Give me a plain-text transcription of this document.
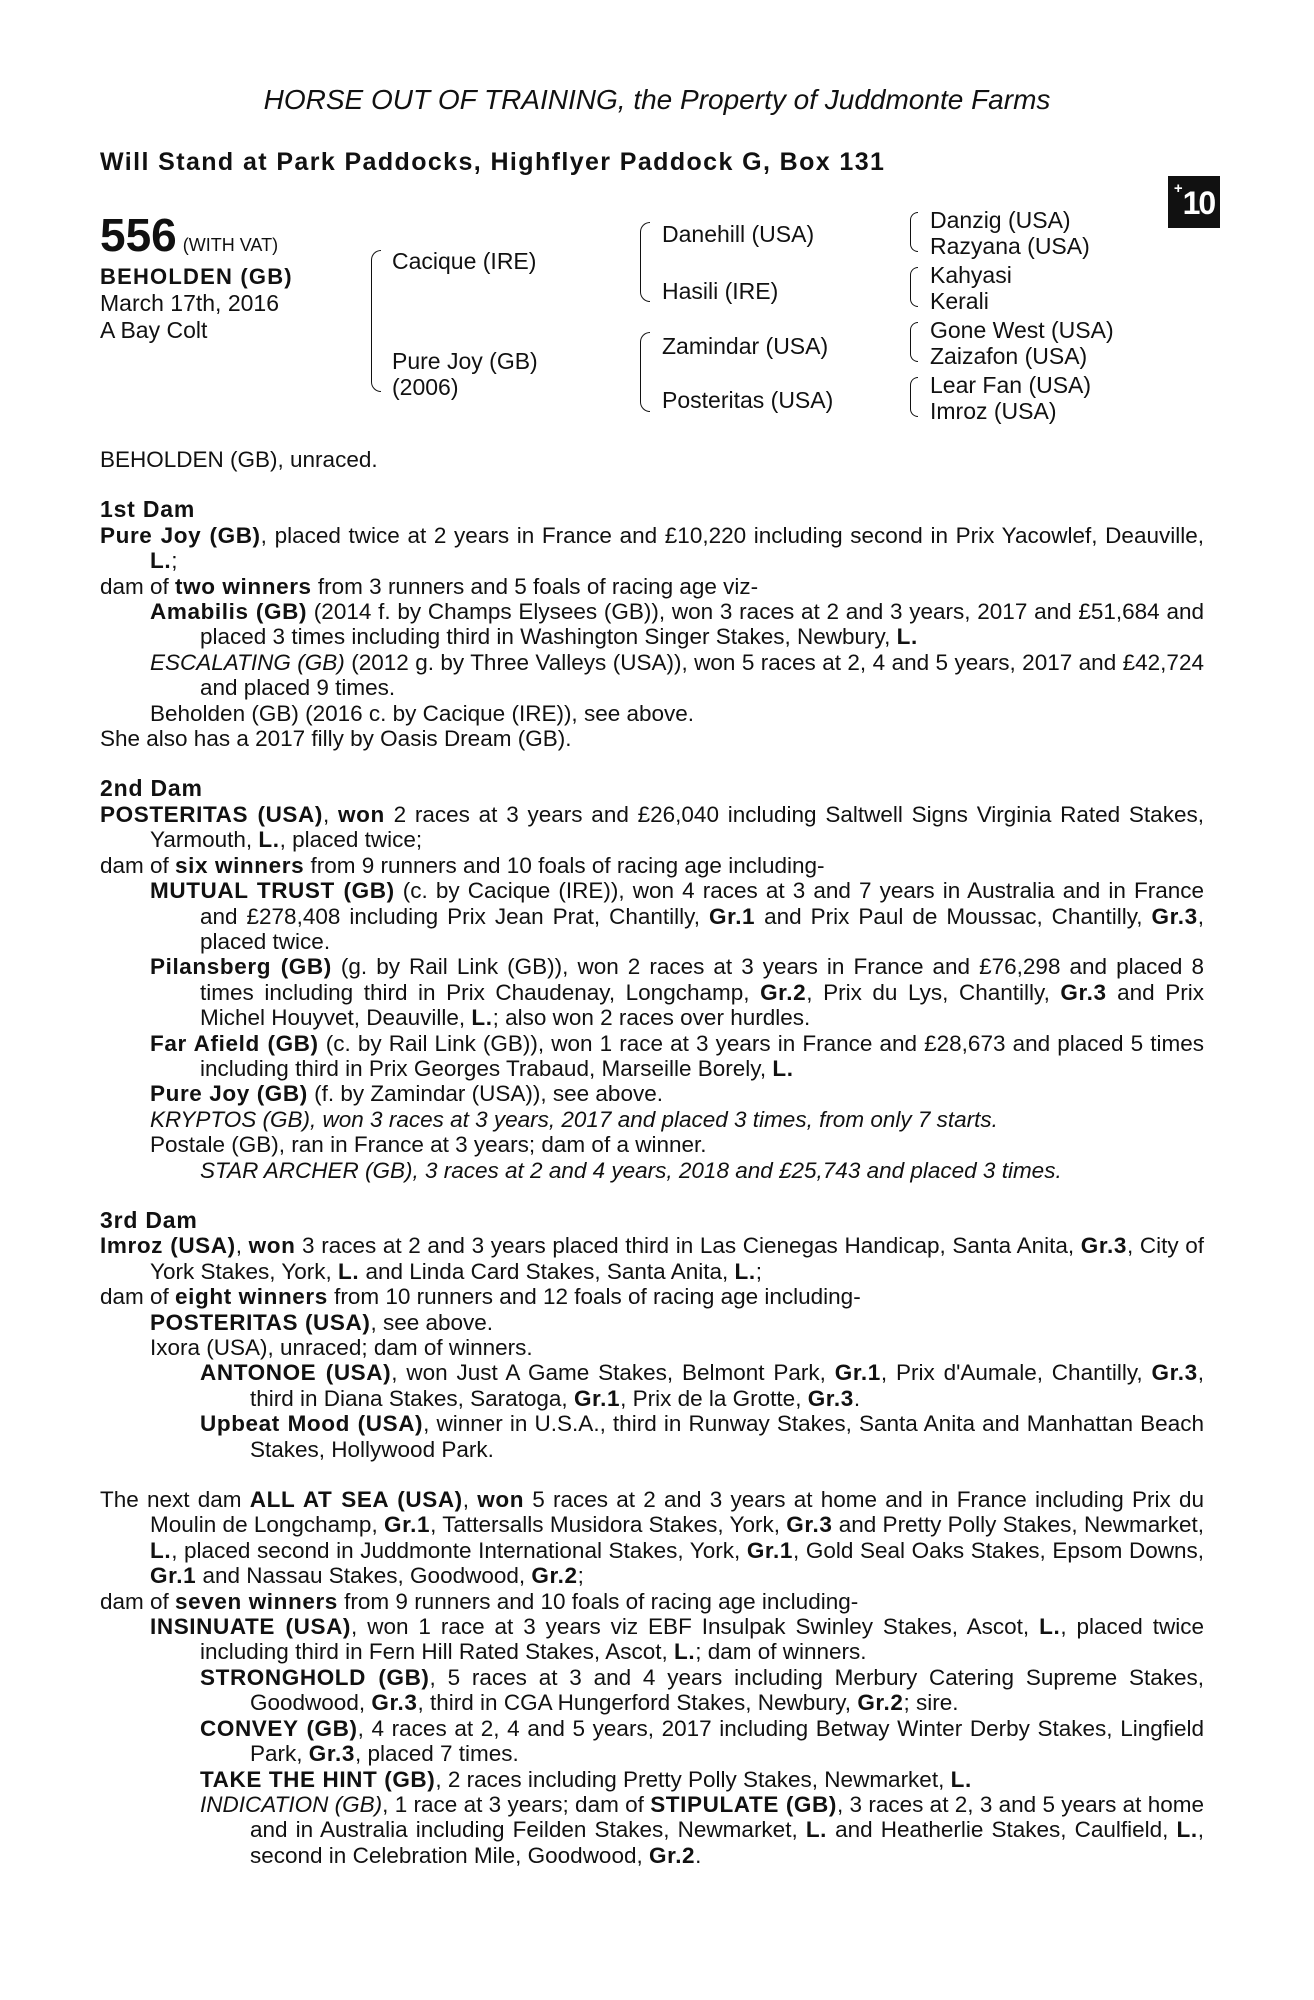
HORSE OUT OF TRAINING, the Property of Juddmonte Farms
Will Stand at Park Paddocks, Highflyer Paddock G, Box 131
+10
556 (WITH VAT)
BEHOLDEN (GB)
March 17th, 2016
A Bay Colt
Cacique (IRE)
Pure Joy (GB)
(2006)
Danehill (USA)
Hasili (IRE)
Zamindar (USA)
Posteritas (USA)
Danzig (USA)
Razyana (USA)
Kahyasi
Kerali
Gone West (USA)
Zaizafon (USA)
Lear Fan (USA)
Imroz (USA)

BEHOLDEN (GB), unraced.

1st Dam

Pure Joy (GB), placed twice at 2 years in France and £10,220 including second in Prix Yacowlef, Deauville, L.;

dam of two winners from 3 runners and 5 foals of racing age viz-

Amabilis (GB) (2014 f. by Champs Elysees (GB)), won 3 races at 2 and 3 years, 2017 and £51,684 and placed 3 times including third in Washington Singer Stakes, Newbury, L.

ESCALATING (GB) (2012 g. by Three Valleys (USA)), won 5 races at 2, 4 and 5 years, 2017 and £42,724 and placed 9 times.

Beholden (GB) (2016 c. by Cacique (IRE)), see above.

She also has a 2017 filly by Oasis Dream (GB).

2nd Dam

POSTERITAS (USA), won 2 races at 3 years and £26,040 including Saltwell Signs Virginia Rated Stakes, Yarmouth, L., placed twice;

dam of six winners from 9 runners and 10 foals of racing age including-

MUTUAL TRUST (GB) (c. by Cacique (IRE)), won 4 races at 3 and 7 years in Australia and in France and £278,408 including Prix Jean Prat, Chantilly, Gr.1 and Prix Paul de Moussac, Chantilly, Gr.3, placed twice.

Pilansberg (GB) (g. by Rail Link (GB)), won 2 races at 3 years in France and £76,298 and placed 8 times including third in Prix Chaudenay, Longchamp, Gr.2, Prix du Lys, Chantilly, Gr.3 and Prix Michel Houyvet, Deauville, L.; also won 2 races over hurdles.

Far Afield (GB) (c. by Rail Link (GB)), won 1 race at 3 years in France and £28,673 and placed 5 times including third in Prix Georges Trabaud, Marseille Borely, L.

Pure Joy (GB) (f. by Zamindar (USA)), see above.

KRYPTOS (GB), won 3 races at 3 years, 2017 and placed 3 times, from only 7 starts.

Postale (GB), ran in France at 3 years; dam of a winner.

STAR ARCHER (GB), 3 races at 2 and 4 years, 2018 and £25,743 and placed 3 times.

3rd Dam

Imroz (USA), won 3 races at 2 and 3 years placed third in Las Cienegas Handicap, Santa Anita, Gr.3, City of York Stakes, York, L. and Linda Card Stakes, Santa Anita, L.;

dam of eight winners from 10 runners and 12 foals of racing age including-

POSTERITAS (USA), see above.

Ixora (USA), unraced; dam of winners.

ANTONOE (USA), won Just A Game Stakes, Belmont Park, Gr.1, Prix d'Aumale, Chantilly, Gr.3, third in Diana Stakes, Saratoga, Gr.1, Prix de la Grotte, Gr.3.

Upbeat Mood (USA), winner in U.S.A., third in Runway Stakes, Santa Anita and Manhattan Beach Stakes, Hollywood Park.

The next dam ALL AT SEA (USA), won 5 races at 2 and 3 years at home and in France including Prix du Moulin de Longchamp, Gr.1, Tattersalls Musidora Stakes, York, Gr.3 and Pretty Polly Stakes, Newmarket, L., placed second in Juddmonte International Stakes, York, Gr.1, Gold Seal Oaks Stakes, Epsom Downs, Gr.1 and Nassau Stakes, Goodwood, Gr.2;

dam of seven winners from 9 runners and 10 foals of racing age including-

INSINUATE (USA), won 1 race at 3 years viz EBF Insulpak Swinley Stakes, Ascot, L., placed twice including third in Fern Hill Rated Stakes, Ascot, L.; dam of winners.

STRONGHOLD (GB), 5 races at 3 and 4 years including Merbury Catering Supreme Stakes, Goodwood, Gr.3, third in CGA Hungerford Stakes, Newbury, Gr.2; sire.

CONVEY (GB), 4 races at 2, 4 and 5 years, 2017 including Betway Winter Derby Stakes, Lingfield Park, Gr.3, placed 7 times.

TAKE THE HINT (GB), 2 races including Pretty Polly Stakes, Newmarket, L.

INDICATION (GB), 1 race at 3 years; dam of STIPULATE (GB), 3 races at 2, 3 and 5 years at home and in Australia including Feilden Stakes, Newmarket, L. and Heatherlie Stakes, Caulfield, L., second in Celebration Mile, Goodwood, Gr.2.
